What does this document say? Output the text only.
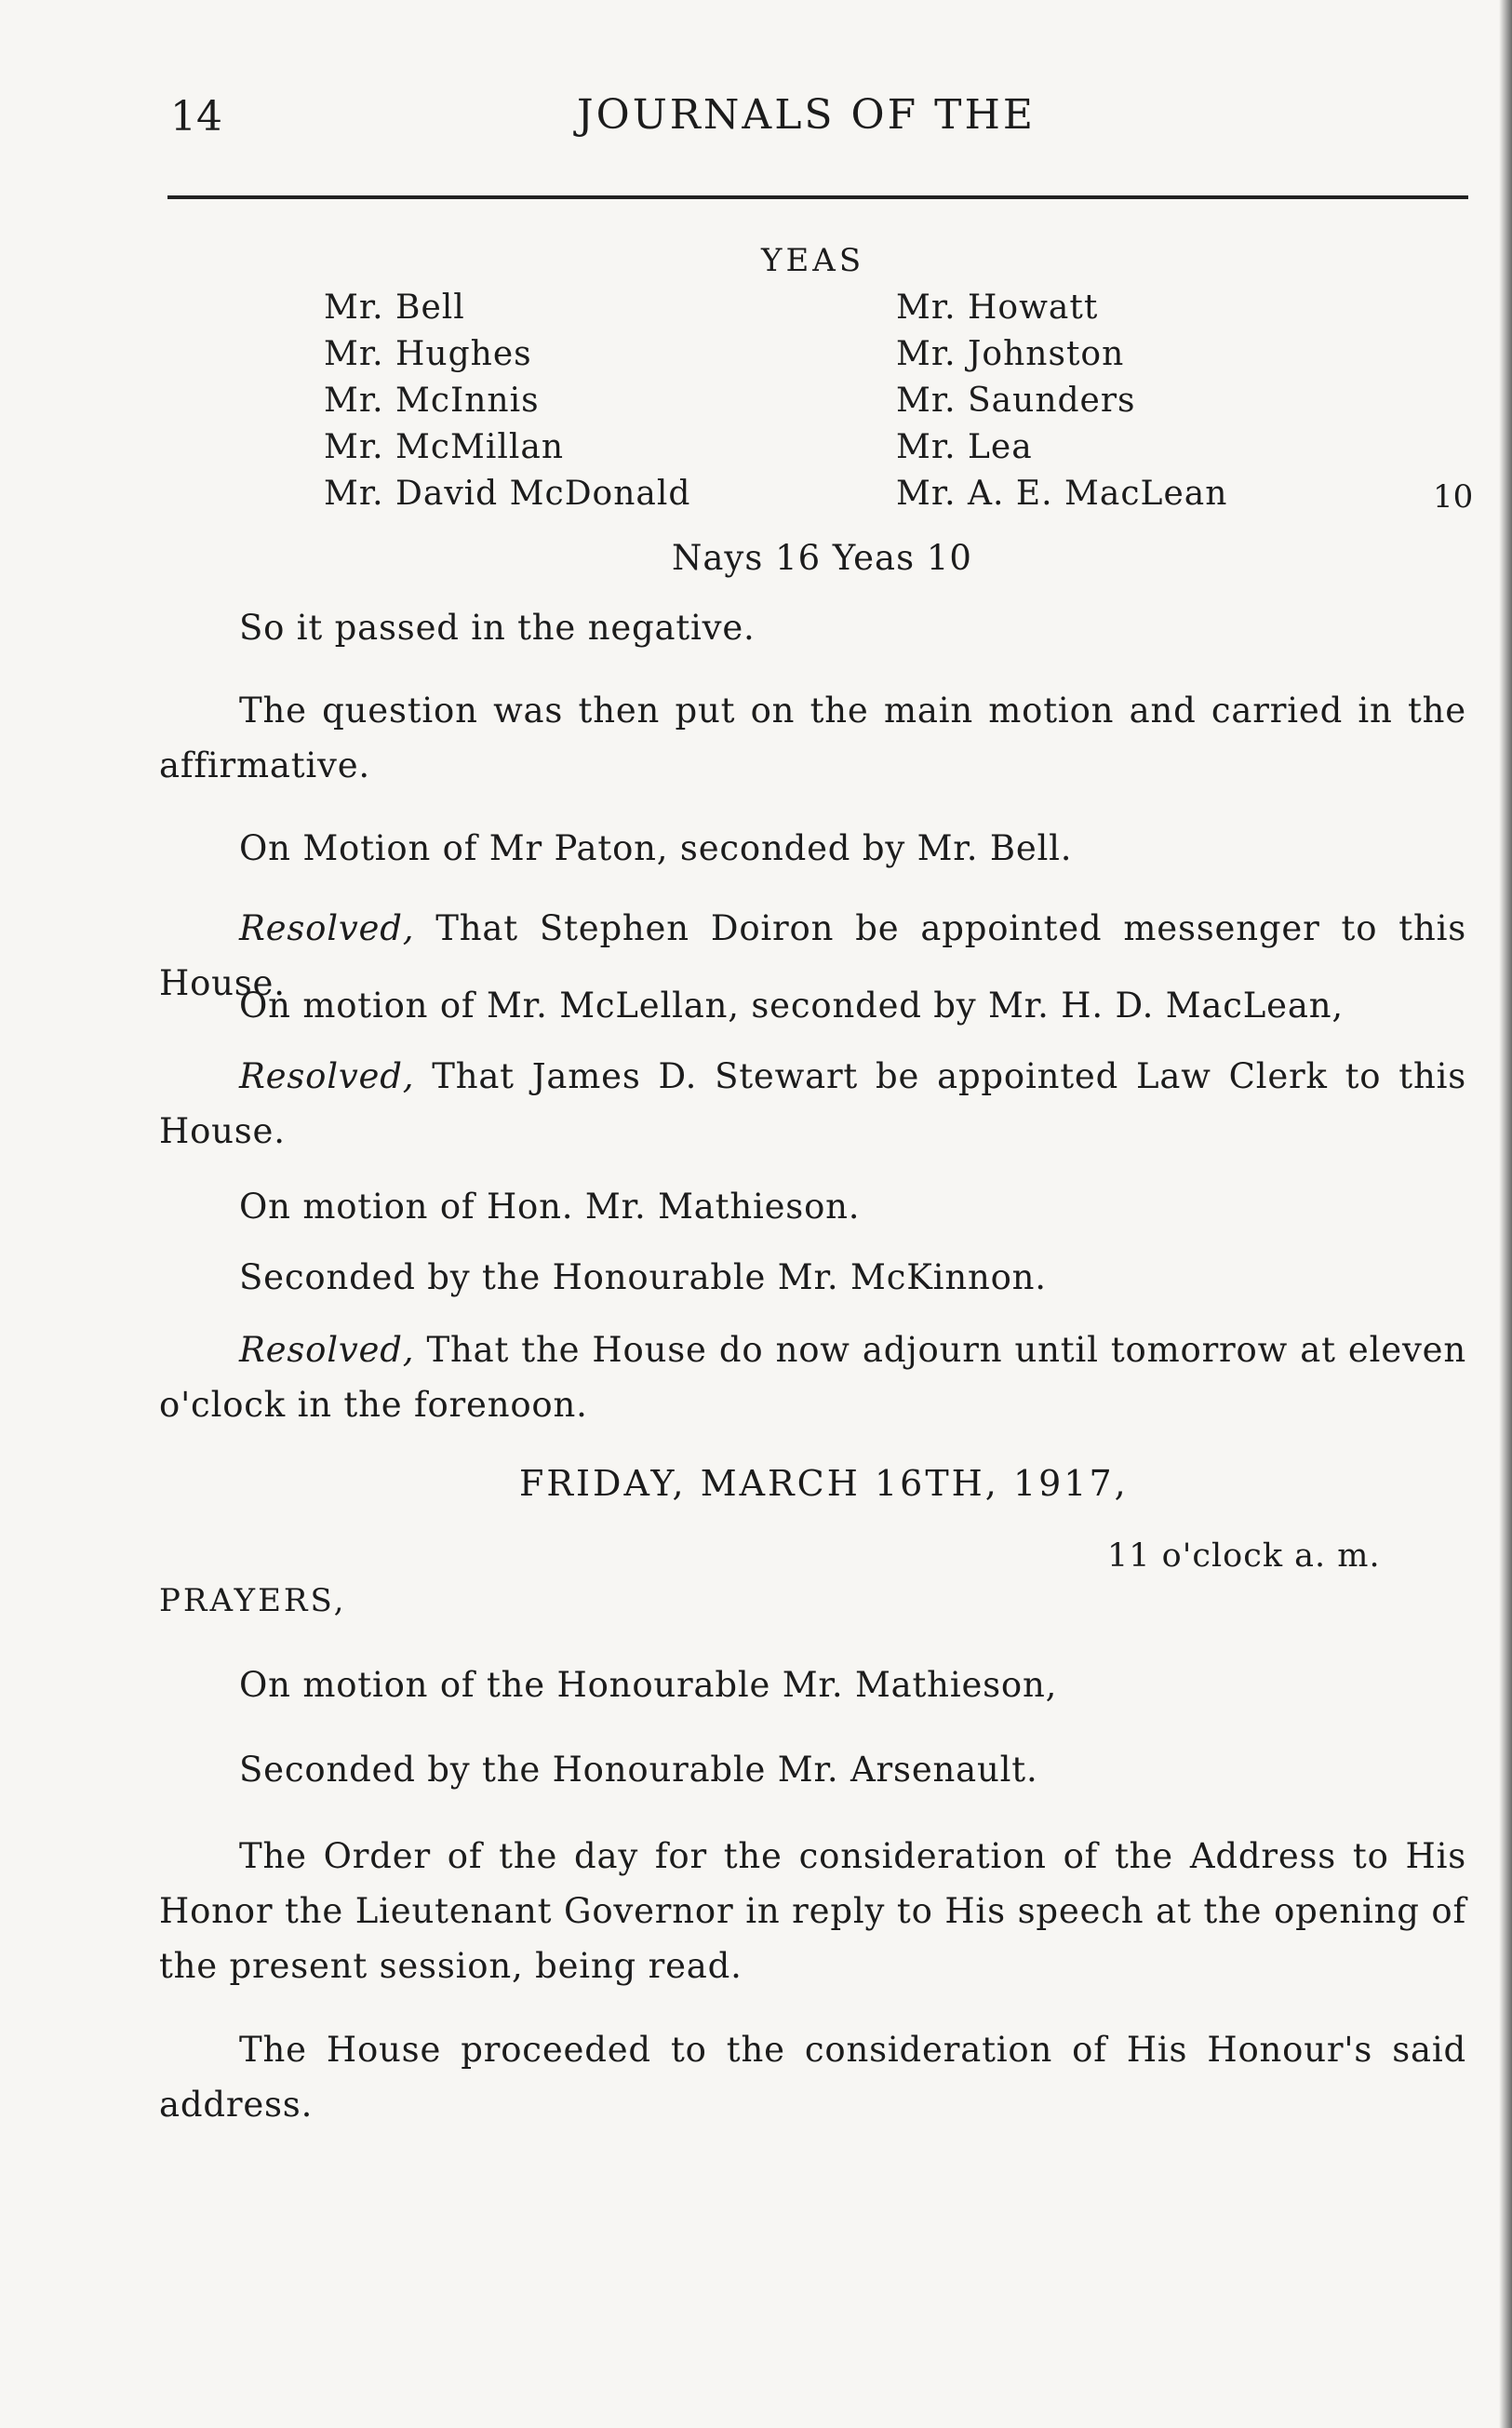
14	JOURNALS OF THE
YEAS
Mr. Bell
Mr. Hughes
Mr. McInnis
Mr. McMillan
Mr. David McDonald
Mr. Howatt
Mr. Johnston
Mr. Saunders
Mr. Lea
Mr. A. E. MacLean	10
Nays 16 Yeas 10
So it passed in the negative.
The question was then put on the main motion and carried in the affirmative.
On Motion of Mr Paton, seconded by Mr. Bell.
Resolved, That Stephen Doiron be appointed messenger to this House.
On motion of Mr. McLellan, seconded by Mr. H. D. MacLean,
Resolved, That James D. Stewart be appointed Law Clerk to this House.
On motion of Hon. Mr. Mathieson.
Seconded by the Honourable Mr. McKinnon.
Resolved, That the House do now adjourn until tomorrow at eleven o'clock in the forenoon.
FRIDAY, MARCH 16TH, 1917,
11 o'clock a. m.
PRAYERS,
On motion of the Honourable Mr. Mathieson,
Seconded by the Honourable Mr. Arsenault.
The Order of the day for the consideration of the Address to His Honor the Lieutenant Governor in reply to His speech at the opening of the present session, being read.
The House proceeded to the consideration of His Honour's said address.
